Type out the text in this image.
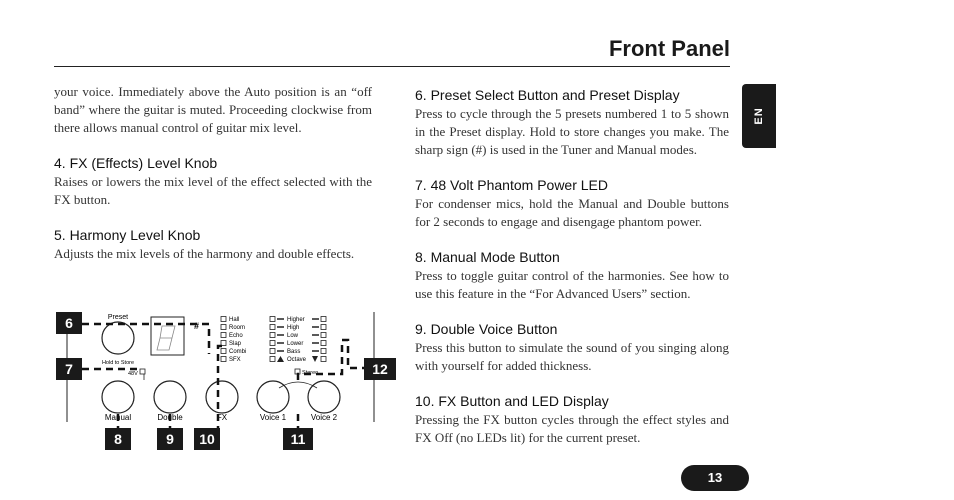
Front Panel
EN

your voice. Immediately above the Auto position is an “off band” where the guitar is muted. Proceeding clockwise from there allows manual control of guitar mix level.

4. FX (Effects) Level Knob

Raises or lowers the mix level of the effect selected with the FX button.

5. Harmony Level Knob

Adjusts the mix levels of the harmony and double effects.

6. Preset Select Button and Preset Display

Press to cycle through the 5 presets numbered 1 to 5 shown in the Preset display. Hold to store changes you make. The sharp sign (#) is used in the Tuner and Manual modes.

7. 48 Volt Phantom Power LED

For condenser mics, hold the Manual and Double buttons for 2 seconds to engage and disengage phantom power.

8. Manual Mode Button

Press to toggle guitar control of the harmonies. See how to use this feature in the “For Advanced Users” section.

9. Double Voice Button

Press this button to simulate the sound of you singing along with yourself for added thickness.

10. FX Button and LED Display

Pressing the FX button cycles through the effect styles and FX Off (no LEDs lit) for the current preset.

Preset
Hold to Store
#
Hall
Room
Echo
Slap
Combi
SFX
Higher
High
Low
Lower
Bass
Octave
48V	Stereo
Manual	Double	FX	Voice 1	Voice 2
6
7
8	9 10	11
12
13
